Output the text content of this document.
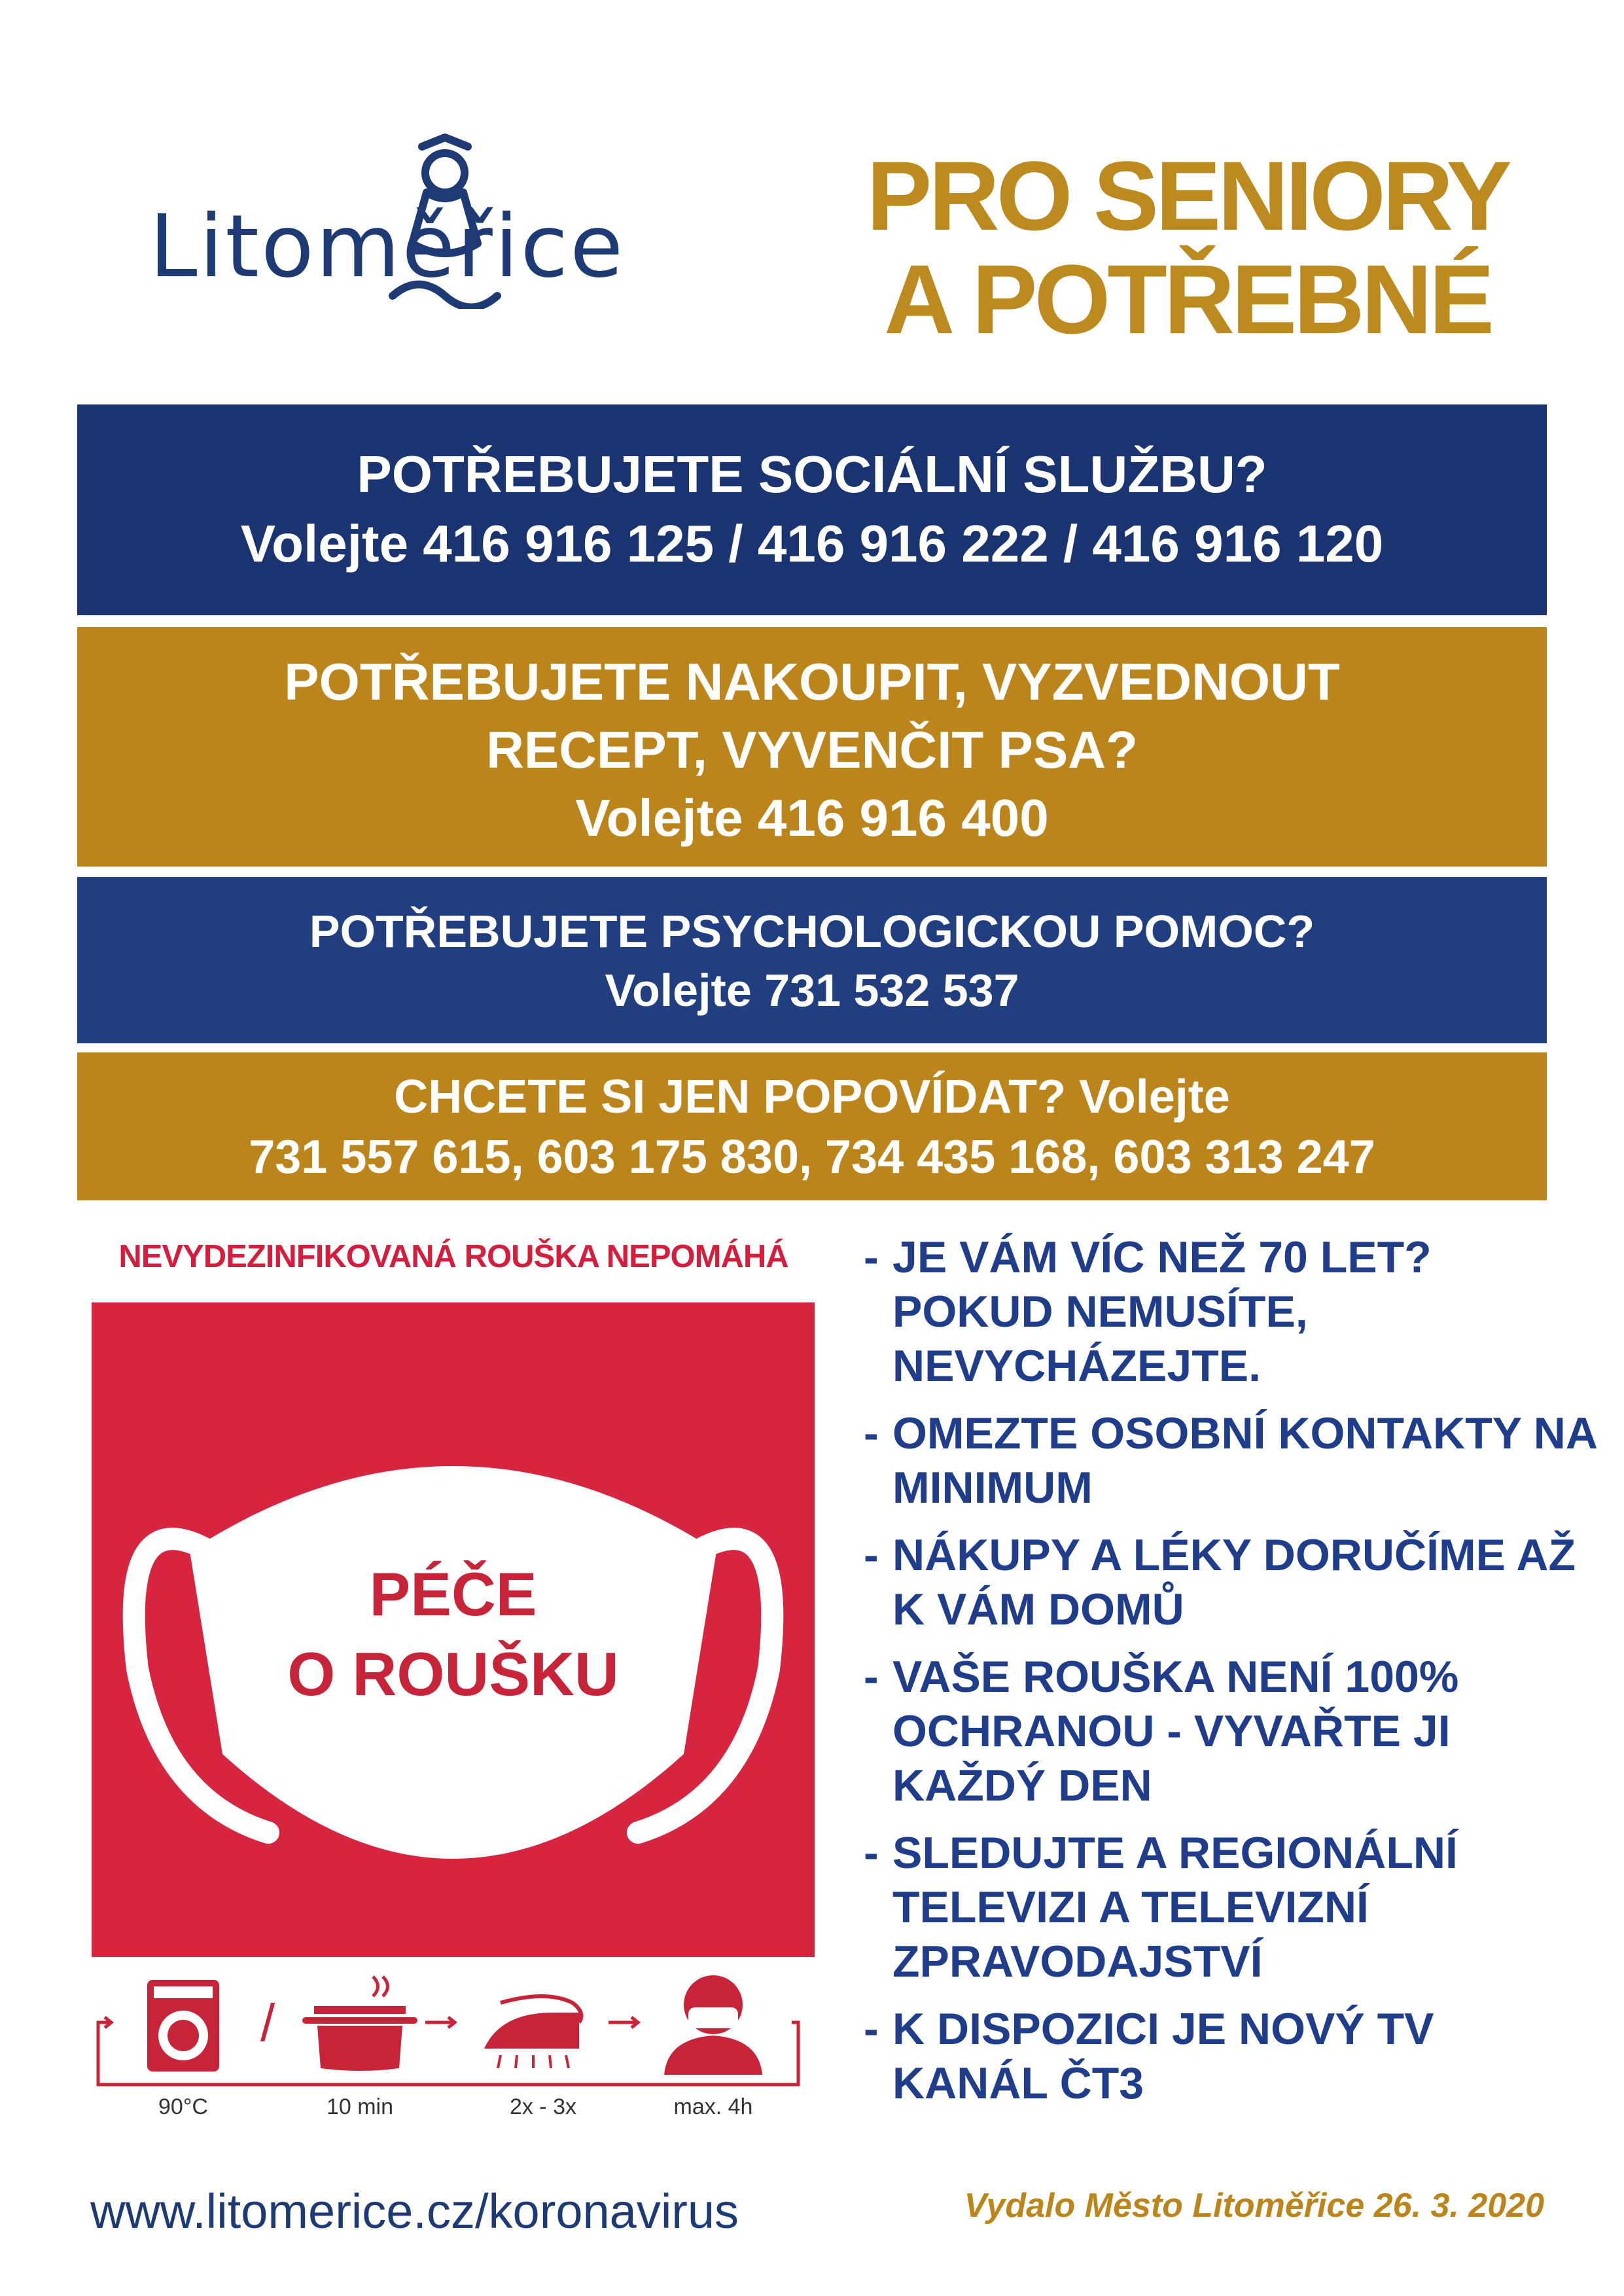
Litoměřice	PRO SENIORY
A POTŘEBNÉ
POTŘEBUJETE SOCIÁLNÍ SLUŽBU?
Volejte 416 916 125 / 416 916 222 / 416 916 120
POTŘEBUJETE NAKOUPIT, VYZVEDNOUT
RECEPT, VYVENČIT PSA?
Volejte 416 916 400
POTŘEBUJETE PSYCHOLOGICKOU POMOC?
Volejte 731 532 537
CHCETE SI JEN POPOVÍDAT? Volejte
731 557 615, 603 175 830, 734 435 168, 603 313 247
NEVYDEZINFIKOVANÁ ROUŠKA NEPOMÁHÁ
PÉČE
O ROUŠKU
/
90°C	10 min	2x - 3x	max. 4h
- JE VÁM VÍC NEŽ 70 LET? POKUD NEMUSÍTE, NEVYCHÁZEJTE.
- OMEZTE OSOBNÍ KONTAKTY NA MINIMUM
- NÁKUPY A LÉKY DORUČÍME AŽ K VÁM DOMŮ
- VAŠE ROUŠKA NENÍ 100% OCHRANOU - VYVAŘTE JI KAŽDÝ DEN
- SLEDUJTE A REGIONÁLNÍ TELEVIZI A TELEVIZNÍ ZPRAVODAJSTVÍ
- K DISPOZICI JE NOVÝ TV KANÁL ČT3
www.litomerice.cz/koronavirus	Vydalo Město Litoměřice 26. 3. 2020
